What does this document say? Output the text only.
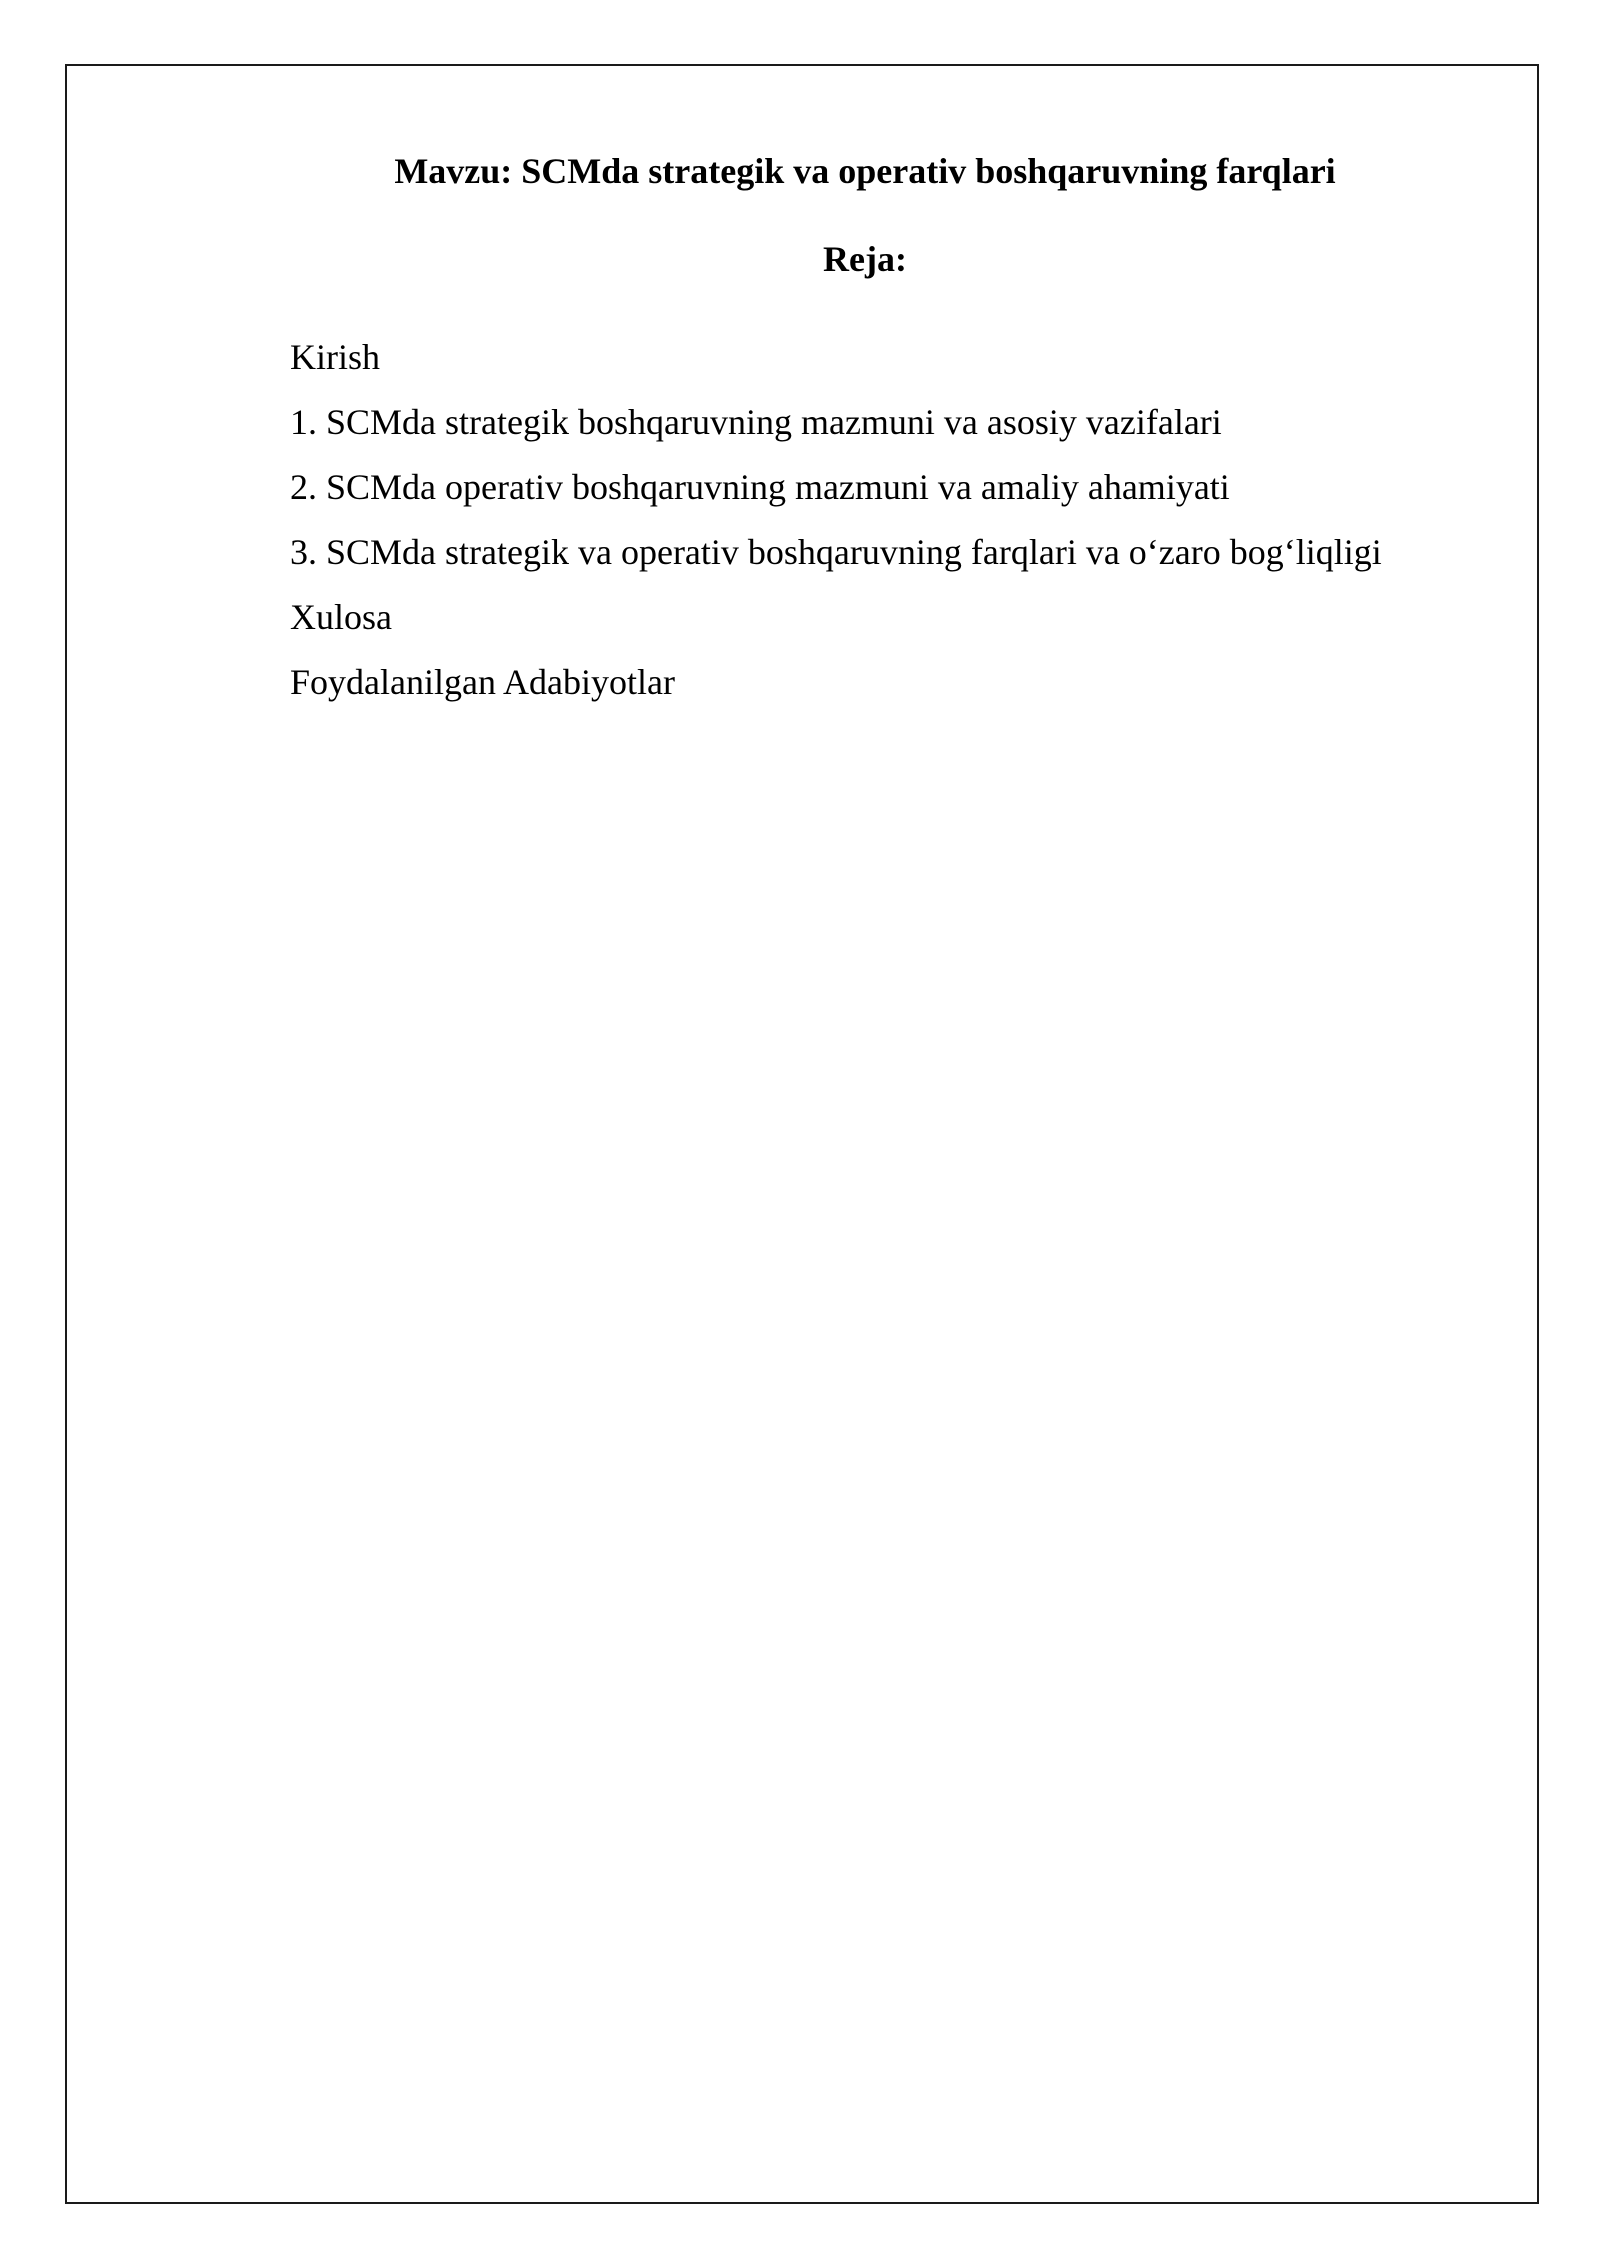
Mavzu: SCMda strategik va operativ boshqaruvning farqlari
Reja:
Kirish
1. SCMda strategik boshqaruvning mazmuni va asosiy vazifalari
2. SCMda operativ boshqaruvning mazmuni va amaliy ahamiyati
3. SCMda strategik va operativ boshqaruvning farqlari va o‘zaro bog‘liqligi
Xulosa
Foydalanilgan Adabiyotlar
